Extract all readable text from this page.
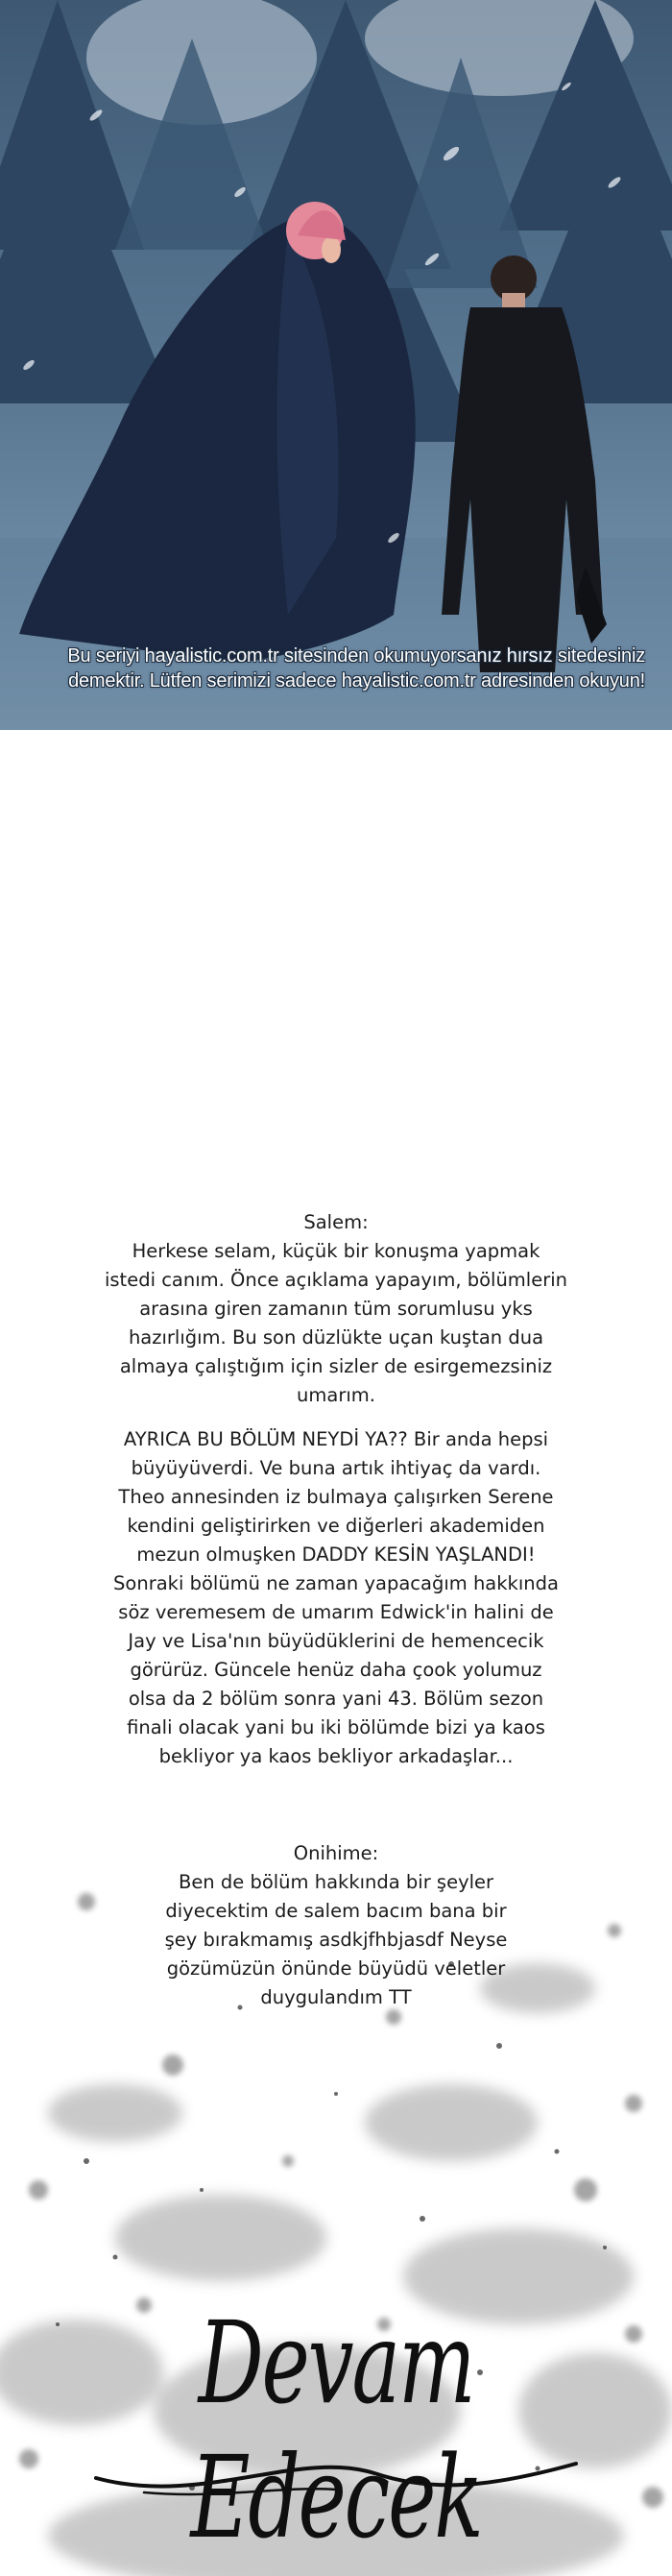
Bu seriyi hayalistic.com.tr sitesinden okumuyorsanız hırsız sitedesiniz
demektir. Lütfen serimizi sadece hayalistic.com.tr adresinden okuyun!
Salem:
Herkese selam, küçük bir konuşma yapmak
istedi canım. Önce açıklama yapayım, bölümlerin
arasına giren zamanın tüm sorumlusu yks
hazırlığım. Bu son düzlükte uçan kuştan dua
almaya çalıştığım için sizler de esirgemezsiniz
umarım.
AYRICA BU BÖLÜM NEYDİ YA?? Bir anda hepsi
büyüyüverdi. Ve buna artık ihtiyaç da vardı.
Theo annesinden iz bulmaya çalışırken Serene
kendini geliştirirken ve diğerleri akademiden
mezun olmuşken DADDY KESİN YAŞLANDI!
Sonraki bölümü ne zaman yapacağım hakkında
söz veremesem de umarım Edwick'in halini de
Jay ve Lisa'nın büyüdüklerini de hemencecik
görürüz. Güncele henüz daha çook yolumuz
olsa da 2 bölüm sonra yani 43. Bölüm sezon
finali olacak yani bu iki bölümde bizi ya kaos
bekliyor ya kaos bekliyor arkadaşlar...
Onihime:
Ben de bölüm hakkında bir şeyler
diyecektim de salem bacım bana bir
şey bırakmamış asdkjfhbjasdf Neyse
gözümüzün önünde büyüdü veletler
duygulandım TT
Devam Edecek
